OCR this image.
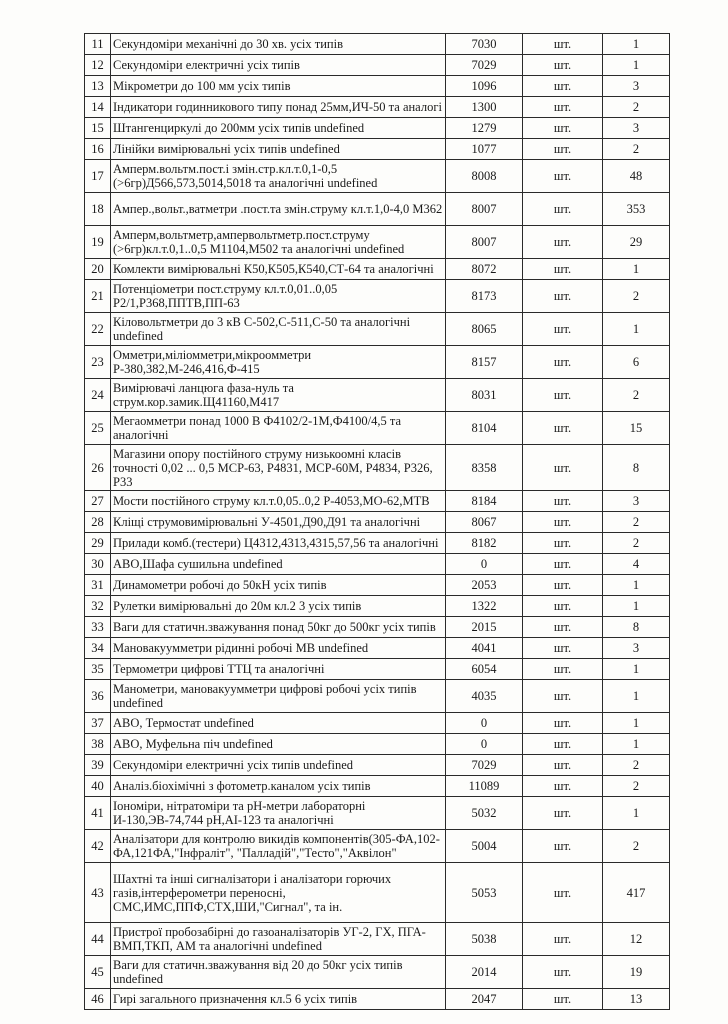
11	Секундоміри механічні до 30 хв. усіх типів	7030	шт.	1
12	Секундоміри електричні усіх типів	7029	шт.	1
13	Мікрометри до 100 мм усіх типів	1096	шт.	3
14	Індикатори годинникового типу понад 25мм,ИЧ-50 та аналогі	1300	шт.	2
15	Штангенциркулі до 200мм усіх типів undefined	1279	шт.	3
16	Лінійки вимірювальні усіх типів undefined	1077	шт.	2
17	Амперм.вольтм.пост.і змін.стр.кл.т.0,1-0,5 (>6гр)Д566,573,5014,5018 та аналогічні undefined	8008	шт.	48
18	Ампер.,вольт.,ватметри .пост.та змін.струму кл.т.1,0-4,0 М362	8007	шт.	353
19	Амперм,вольтметр,ампервольтметр.пост.струму (>6гр)кл.т.0,1..0,5 М1104,М502 та аналогічні undefined	8007	шт.	29
20	Комлекти вимірювальні К50,К505,К540,СТ-64 та аналогічні	8072	шт.	1
21	Потенціометри пост.струму кл.т.0,01..0,05 Р2/1,Р368,ППТВ,ПП-63	8173	шт.	2
22	Кіловольтметри до 3 кВ С-502,С-511,С-50 та аналогічні undefined	8065	шт.	1
23	Омметри,міліомметри,мікроомметри Р-380,382,М-246,416,Ф-415	8157	шт.	6
24	Вимірювачі ланцюга фаза-нуль та струм.кор.замик.Щ41160,М417	8031	шт.	2
25	Мегаомметри понад 1000 В Ф4102/2-1М,Ф4100/4,5 та аналогічні	8104	шт.	15
26	Магазини опору постійного струму низькоомні класів точності 0,02 ... 0,5 МСР-63, Р4831, МСР-60М, Р4834, Р326, Р33	8358	шт.	8
27	Мости постійного струму кл.т.0,05..0,2 Р-4053,МО-62,МТВ	8184	шт.	3
28	Кліщі струмовимірювальні У-4501,Д90,Д91 та аналогічні	8067	шт.	2
29	Прилади комб.(тестери) Ц4312,4313,4315,57,56 та аналогічні	8182	шт.	2
30	АВО,Шафа сушильна undefined	0	шт.	4
31	Динамометри робочі до 50кН усіх типів	2053	шт.	1
32	Рулетки вимірювальні до 20м кл.2 3 усіх типів	1322	шт.	1
33	Ваги для статичн.зважування понад 50кг до 500кг усіх типів	2015	шт.	8
34	Мановакуумметри рідинні робочі МВ undefined	4041	шт.	3
35	Термометри цифрові ТТЦ та аналогічні	6054	шт.	1
36	Манометри, мановакуумметри цифрові робочі усіх типів undefined	4035	шт.	1
37	АВО, Термостат undefined	0	шт.	1
38	АВО, Муфельна піч undefined	0	шт.	1
39	Секундоміри електричні усіх типів undefined	7029	шт.	2
40	Аналіз.біохімічні з фотометр.каналом усіх типів	11089	шт.	2
41	Іономіри, нітратоміри та рН-метри лабораторні И-130,ЭВ-74,744 рН,АІ-123 та аналогічні	5032	шт.	1
42	Аналізатори для контролю викидів компонентів(305-ФА,102-ФА,121ФА,"Інфраліт", "Палладій","Тесто","Аквілон"	5004	шт.	2
43	Шахтні та інші сигналізатори і аналізатори горючих газів,інтерферометри переносні, СМС,ИМС,ППФ,СТХ,ШИ,"Сигнал", та ін.	5053	шт.	417
44	Пристрої пробозабірні до газоаналізаторів УГ-2, ГХ, ПГА-ВМП,ТКП, АМ та аналогічні undefined	5038	шт.	12
45	Ваги для статичн.зважування від 20 до 50кг усіх типів undefined	2014	шт.	19
46	Гирі загального призначення кл.5 6 усіх типів	2047	шт.	13
